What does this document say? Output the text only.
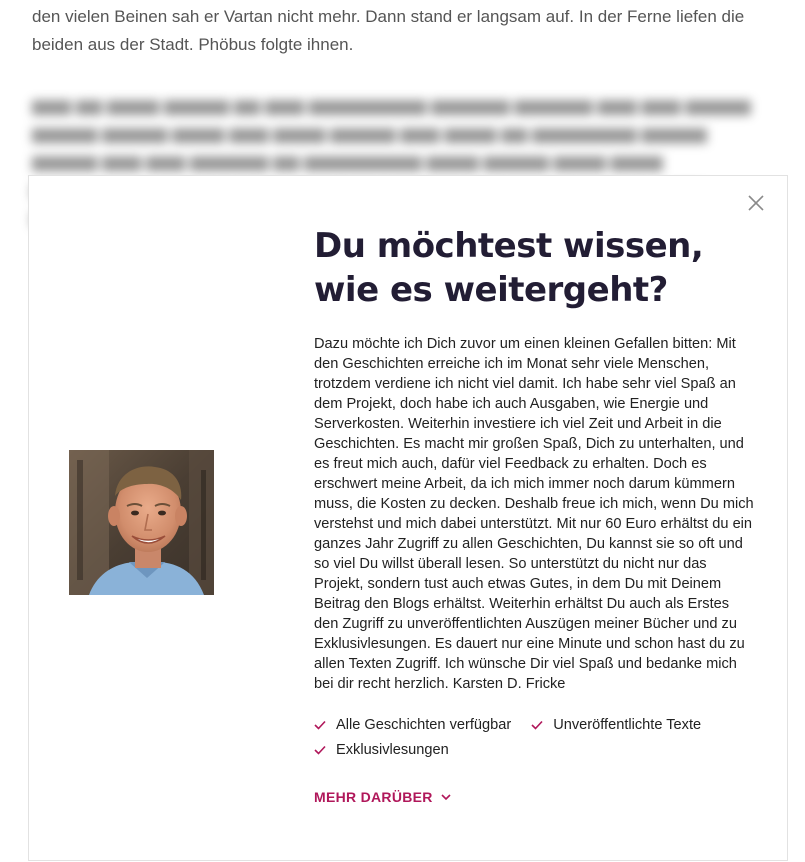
den vielen Beinen sah er Vartan nicht mehr. Dann stand er langsam auf. In der Ferne liefen die beiden aus der Stadt. Phöbus folgte ihnen.

▆▆▆ ▆▆ ▆▆▆▆ ▆▆▆▆▆ ▆▆ ▆▆▆ ▆▆▆▆▆▆▆▆▆ ▆▆▆▆▆▆ ▆▆▆▆▆▆ ▆▆▆ ▆▆▆ ▆▆▆▆▆ ▆▆▆▆▆ ▆▆▆▆▆ ▆▆▆▆ ▆▆▆ ▆▆▆▆ ▆▆▆▆▆ ▆▆▆ ▆▆▆▆ ▆▆ ▆▆▆▆▆▆▆▆ ▆▆▆▆▆ ▆▆▆▆▆ ▆▆▆ ▆▆▆ ▆▆▆▆▆▆ ▆▆ ▆▆▆▆▆▆▆▆▆ ▆▆▆▆ ▆▆▆▆▆ ▆▆▆▆ ▆▆▆▆
Du möchtest wissen, wie es weitergeht?

Dazu möchte ich Dich zuvor um einen kleinen Gefallen bitten: Mit den Geschichten erreiche ich im Monat sehr viele Menschen, trotzdem verdiene ich nicht viel damit. Ich habe sehr viel Spaß an dem Projekt, doch habe ich auch Ausgaben, wie Energie und Serverkosten. Weiterhin investiere ich viel Zeit und Arbeit in die Geschichten. Es macht mir großen Spaß, Dich zu unterhalten, und es freut mich auch, dafür viel Feedback zu erhalten. Doch es erschwert meine Arbeit, da ich mich immer noch darum kümmern muss, die Kosten zu decken. Deshalb freue ich mich, wenn Du mich verstehst und mich dabei unterstützt. Mit nur 60 Euro erhältst du ein ganzes Jahr Zugriff zu allen Geschichten, Du kannst sie so oft und so viel Du willst überall lesen. So unterstützt du nicht nur das Projekt, sondern tust auch etwas Gutes, in dem Du mit Deinem Beitrag den Blogs erhältst. Weiterhin erhältst Du auch als Erstes den Zugriff zu unveröffentlichten Auszügen meiner Bücher und zu Exklusivlesungen. Es dauert nur eine Minute und schon hast du zu allen Texten Zugriff. Ich wünsche Dir viel Spaß und bedanke mich bei dir recht herzlich. Karsten D. Fricke

Alle Geschichten verfügbar	Unveröffentlichte Texte
Exklusivlesungen
MEHR DARÜBER
